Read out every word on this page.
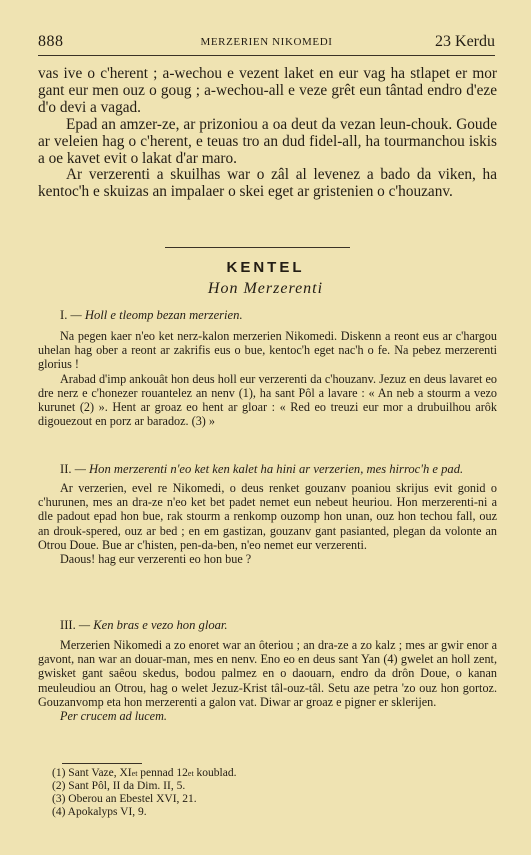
888	MERZERIEN NIKOMEDI	23 Kerdu

vas ive o c'herent ; a-wechou e vezent laket en eur vag ha stlapet er mor gant eur men ouz o goug ; a-wechou-all e veze grêt eun tântad endro d'eze d'o devi a vagad.

Epad an amzer-ze, ar prizoniou a oa deut da vezan leun-chouk. Goude ar veleien hag o c'herent, e teuas tro an dud fidel-all, ha tourmanchou iskis a oe kavet evit o lakat d'ar maro.

Ar verzerenti a skuilhas war o zâl al levenez a bado da viken, ha kentoc'h e skuizas an impalaer o skei eget ar gristenien o c'houzanv.

KENTEL
Hon Merzerenti
I. — Holl e tleomp bezan merzerien.

Na pegen kaer n'eo ket nerz-kalon merzerien Nikomedi. Diskenn a reont eus ar c'hargou uhelan hag ober a reont ar zakrifis eus o bue, kentoc'h eget nac'h o fe. Na pebez merzerenti glorius !

Arabad d'imp ankouât hon deus holl eur verzerenti da c'houzanv. Jezuz en deus lavaret eo dre nerz e c'honezer rouantelez an nenv (1), ha sant Pôl a lavare : « An neb a stourm a vezo kurunet (2) ». Hent ar groaz eo hent ar gloar : « Red eo treuzi eur mor a drubuilhou arôk digouezout en porz ar baradoz. (3) »

II. — Hon merzerenti n'eo ket ken kalet ha hini ar verzerien, mes hirroc'h e pad.

Ar verzerien, evel re Nikomedi, o deus renket gouzanv poaniou skrijus evit gonid o c'hurunen, mes an dra-ze n'eo ket bet padet nemet eun nebeut heuriou. Hon merzerenti-ni a dle padout epad hon bue, rak stourm a renkomp ouzomp hon unan, ouz hon techou fall, ouz an drouk-spered, ouz ar bed ; en em gastizan, gouzanv gant pasianted, plegan da volonte an Otrou Doue. Bue ar c'histen, pen-da-ben, n'eo nemet eur verzerenti.

Daous! hag eur verzerenti eo hon bue ?

III. — Ken bras e vezo hon gloar.

Merzerien Nikomedi a zo enoret war an ôteriou ; an dra-ze a zo kalz ; mes ar gwir enor a gavont, nan war an douar-man, mes en nenv. Eno eo en deus sant Yan (4) gwelet an holl zent, gwisket gant saêou skedus, bodou palmez en o daouarn, endro da drôn Doue, o kanan meuleudiou an Otrou, hag o welet Jezuz-Krist tâl-ouz-tâl. Setu aze petra 'zo ouz hon gortoz. Gouzanvomp eta hon merzerenti a galon vat. Diwar ar groaz e pigner er sklerijen.

Per crucem ad lucem.

(1) Sant Vaze, $XI^{et}$ pennad $12^{et}$ koublad.
(2) Sant Pôl, II da Dim. II, 5.
(3) Oberou an Ebestel XVI, 21.
(4) Apokalyps VI, 9.
